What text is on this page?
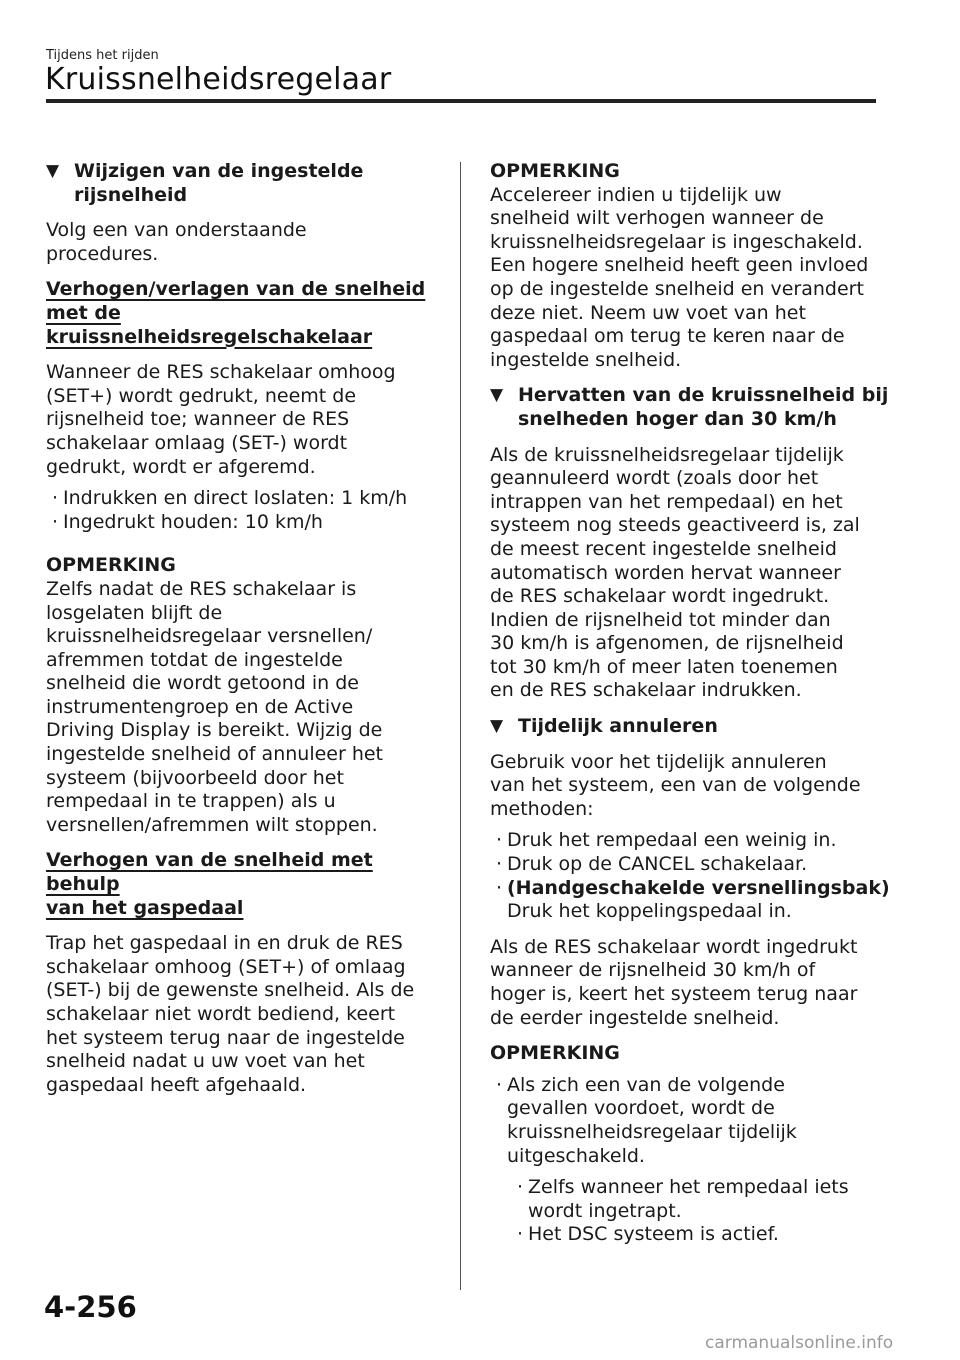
Tijdens het rijden
Kruissnelheidsregelaar
▼ Wijzigen van de ingestelde
rijsnelheid
Volg een van onderstaande
procedures.
Verhogen/verlagen van de snelheid
met de kruissnelheidsregelschakelaar
Wanneer de RES schakelaar omhoog
(SET+) wordt gedrukt, neemt de
rijsnelheid toe; wanneer de RES
schakelaar omlaag (SET-) wordt
gedrukt, wordt er afgeremd.
· Indrukken en direct loslaten: 1 km/h
· Ingedrukt houden: 10 km/h
OPMERKING
Zelfs nadat de RES schakelaar is
losgelaten blijft de
kruissnelheidsregelaar versnellen/
afremmen totdat de ingestelde
snelheid die wordt getoond in de
instrumentengroep en de Active
Driving Display is bereikt. Wijzig de
ingestelde snelheid of annuleer het
systeem (bijvoorbeeld door het
rempedaal in te trappen) als u
versnellen/afremmen wilt stoppen.
Verhogen van de snelheid met behulp
van het gaspedaal
Trap het gaspedaal in en druk de RES
schakelaar omhoog (SET+) of omlaag
(SET-) bij de gewenste snelheid. Als de
schakelaar niet wordt bediend, keert
het systeem terug naar de ingestelde
snelheid nadat u uw voet van het
gaspedaal heeft afgehaald.
OPMERKING
Accelereer indien u tijdelijk uw
snelheid wilt verhogen wanneer de
kruissnelheidsregelaar is ingeschakeld.
Een hogere snelheid heeft geen invloed
op de ingestelde snelheid en verandert
deze niet. Neem uw voet van het
gaspedaal om terug te keren naar de
ingestelde snelheid.
▼ Hervatten van de kruissnelheid bij
snelheden hoger dan 30 km/h
Als de kruissnelheidsregelaar tijdelijk
geannuleerd wordt (zoals door het
intrappen van het rempedaal) en het
systeem nog steeds geactiveerd is, zal
de meest recent ingestelde snelheid
automatisch worden hervat wanneer
de RES schakelaar wordt ingedrukt.
Indien de rijsnelheid tot minder dan
30 km/h is afgenomen, de rijsnelheid
tot 30 km/h of meer laten toenemen
en de RES schakelaar indrukken.
▼ Tijdelijk annuleren
Gebruik voor het tijdelijk annuleren
van het systeem, een van de volgende
methoden:
· Druk het rempedaal een weinig in.
· Druk op de CANCEL schakelaar.
· (Handgeschakelde versnellingsbak)
Druk het koppelingspedaal in.
Als de RES schakelaar wordt ingedrukt
wanneer de rijsnelheid 30 km/h of
hoger is, keert het systeem terug naar
de eerder ingestelde snelheid.
OPMERKING
· Als zich een van de volgende
gevallen voordoet, wordt de
kruissnelheidsregelaar tijdelijk
uitgeschakeld.
· Zelfs wanneer het rempedaal iets
wordt ingetrapt.
· Het DSC systeem is actief.
4-256
carmanualsonline.info
